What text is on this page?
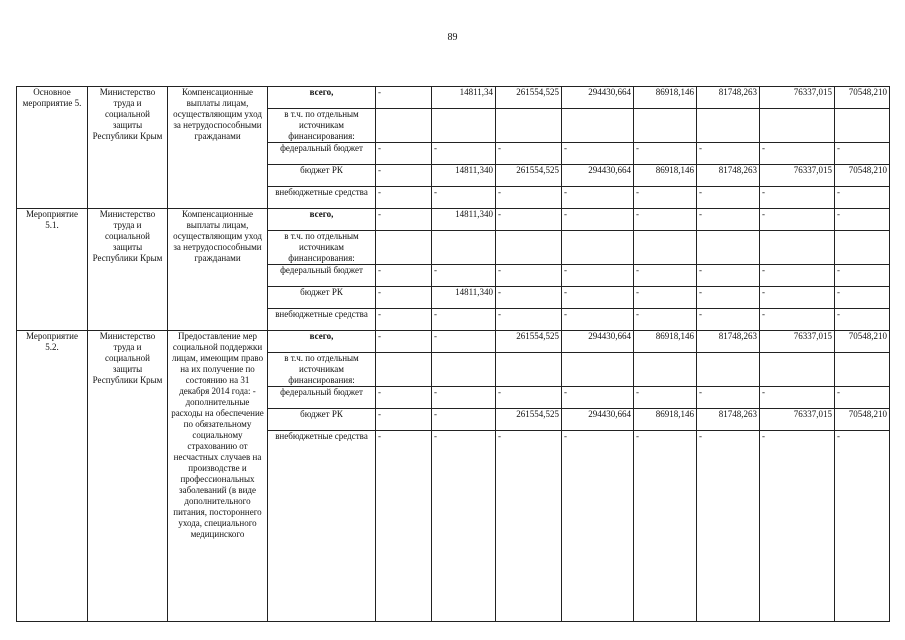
89
Основное мероприятие 5.	Министерство труда и социальной защиты Республики Крым	Компенсационные выплаты лицам, осуществляющим уход за нетрудоспособными гражданами	всего,	-	14811,34	261554,525	294430,664	86918,146	81748,263	76337,015	70548,210
			в т.ч. по отдельным источникам финансирования:								
			федеральный бюджет	-	-	-	-	-	-	-	-
			бюджет РК	-	14811,340	261554,525	294430,664	86918,146	81748,263	76337,015	70548,210
			внебюджетные средства	-	-	-	-	-	-	-	-
Мероприятие 5.1.	Министерство труда и социальной защиты Республики Крым	Компенсационные выплаты лицам, осуществляющим уход за нетрудоспособными гражданами	всего,	-	14811,340	-	-	-	-	-	-
			в т.ч. по отдельным источникам финансирования:								
			федеральный бюджет	-	-	-	-	-	-	-	-
			бюджет РК	-	14811,340	-	-	-	-	-	-
			внебюджетные средства	-	-	-	-	-	-	-	-
Мероприятие 5.2.	Министерство труда и социальной защиты Республики Крым	Предоставление мер социальной поддержки лицам, имеющим право на их получение по состоянию на 31 декабря 2014 года: - дополнительные расходы на обеспечение по обязательному социальному страхованию от несчастных случаев на производстве и профессиональных заболеваний (в виде дополнительного питания, постороннего ухода, специального медицинского	всего,	-	-	261554,525	294430,664	86918,146	81748,263	76337,015	70548,210
			в т.ч. по отдельным источникам финансирования:								
			федеральный бюджет	-	-	-	-	-	-	-	-
			бюджет РК	-	-	261554,525	294430,664	86918,146	81748,263	76337,015	70548,210
			внебюджетные средства	-	-	-	-	-	-	-	-
